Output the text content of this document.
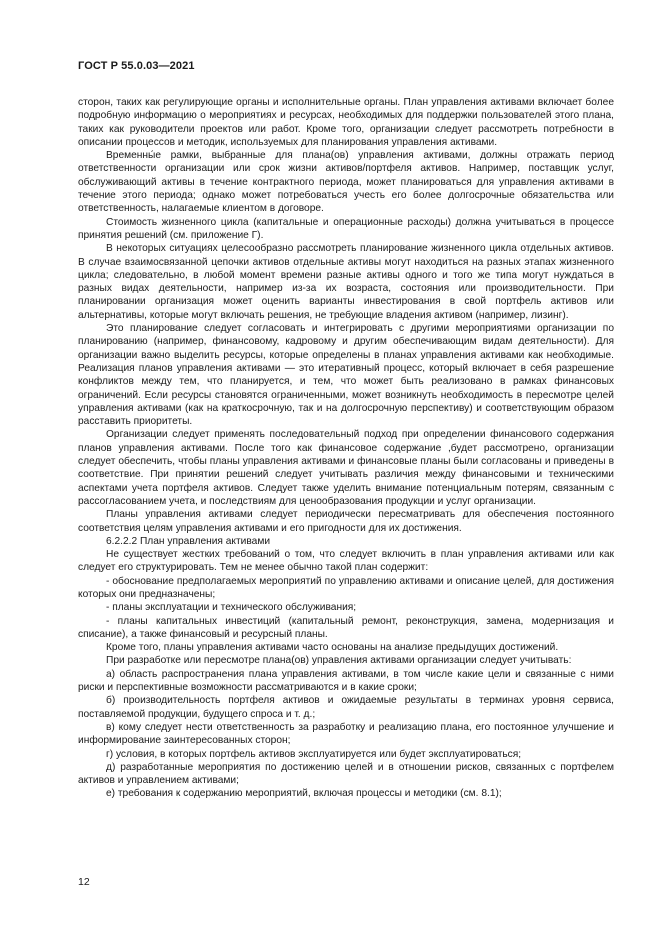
ГОСТ Р 55.0.03—2021

сторон, таких как регулирующие органы и исполнительные органы. План управления активами включает более подробную информацию о мероприятиях и ресурсах, необходимых для поддержки пользователей этого плана, таких как руководители проектов или работ. Кроме того, организации следует рассмотреть потребности в описании процессов и методик, используемых для планирования управления активами.

Временны́е рамки, выбранные для плана(ов) управления активами, должны отражать период ответственности организации или срок жизни активов/портфеля активов. Например, поставщик услуг, обслуживающий активы в течение контрактного периода, может планироваться для управления активами в течение этого периода; однако может потребоваться учесть его более долгосрочные обязательства или ответственность, налагаемые клиентом в договоре.

Стоимость жизненного цикла (капитальные и операционные расходы) должна учитываться в процессе принятия решений (см. приложение Г).

В некоторых ситуациях целесообразно рассмотреть планирование жизненного цикла отдельных активов. В случае взаимосвязанной цепочки активов отдельные активы могут находиться на разных этапах жизненного цикла; следовательно, в любой момент времени разные активы одного и того же типа могут нуждаться в разных видах деятельности, например из-за их возраста, состояния или производительности. При планировании организация может оценить варианты инвестирования в свой портфель активов или альтернативы, которые могут включать решения, не требующие владения активом (например, лизинг).

Это планирование следует согласовать и интегрировать с другими мероприятиями организации по планированию (например, финансовому, кадровому и другим обеспечивающим видам деятельности). Для организации важно выделить ресурсы, которые определены в планах управления активами как необходимые. Реализация планов управления активами — это итеративный процесс, который включает в себя разрешение конфликтов между тем, что планируется, и тем, что может быть реализовано в рамках финансовых ограничений. Если ресурсы становятся ограниченными, может возникнуть необходимость в пересмотре целей управления активами (как на краткосрочную, так и на долгосрочную перспективу) и соответствующим образом расставить приоритеты.

Организации следует применять последовательный подход при определении финансового содержания планов управления активами. После того как финансовое содержание ,будет рассмотрено, организации следует обеспечить, чтобы планы управления активами и финансовые планы были согласованы и приведены в соответствие. При принятии решений следует учитывать различия между финансовыми и техническими аспектами учета портфеля активов. Следует также уделить внимание потенциальным потерям, связанным с рассогласованием учета, и последствиям для ценообразования продукции и услуг организации.

Планы управления активами следует периодически пересматривать для обеспечения постоянного соответствия целям управления активами и его пригодности для их достижения.

6.2.2.2 План управления активами

Не существует жестких требований о том, что следует включить в план управления активами или как следует его структурировать. Тем не менее обычно такой план содержит:

- обоснование предполагаемых мероприятий по управлению активами и описание целей, для достижения которых они предназначены;

- планы эксплуатации и технического обслуживания;

- планы капитальных инвестиций (капитальный ремонт, реконструкция, замена, модернизация и списание), а также финансовый и ресурсный планы.

Кроме того, планы управления активами часто основаны на анализе предыдущих достижений.

При разработке или пересмотре плана(ов) управления активами организации следует учитывать:

а) область распространения плана управления активами, в том числе какие цели и связанные с ними риски и перспективные возможности рассматриваются и в какие сроки;

б) производительность портфеля активов и ожидаемые результаты в терминах уровня сервиса, поставляемой продукции, будущего спроса и т. д.;

в) кому следует нести ответственность за разработку и реализацию плана, его постоянное улучшение и информирование заинтересованных сторон;

г) условия, в которых портфель активов эксплуатируется или будет эксплуатироваться;

д) разработанные мероприятия по достижению целей и в отношении рисков, связанных с портфелем активов и управлением активами;

е) требования к содержанию мероприятий, включая процессы и методики (см. 8.1);

12
